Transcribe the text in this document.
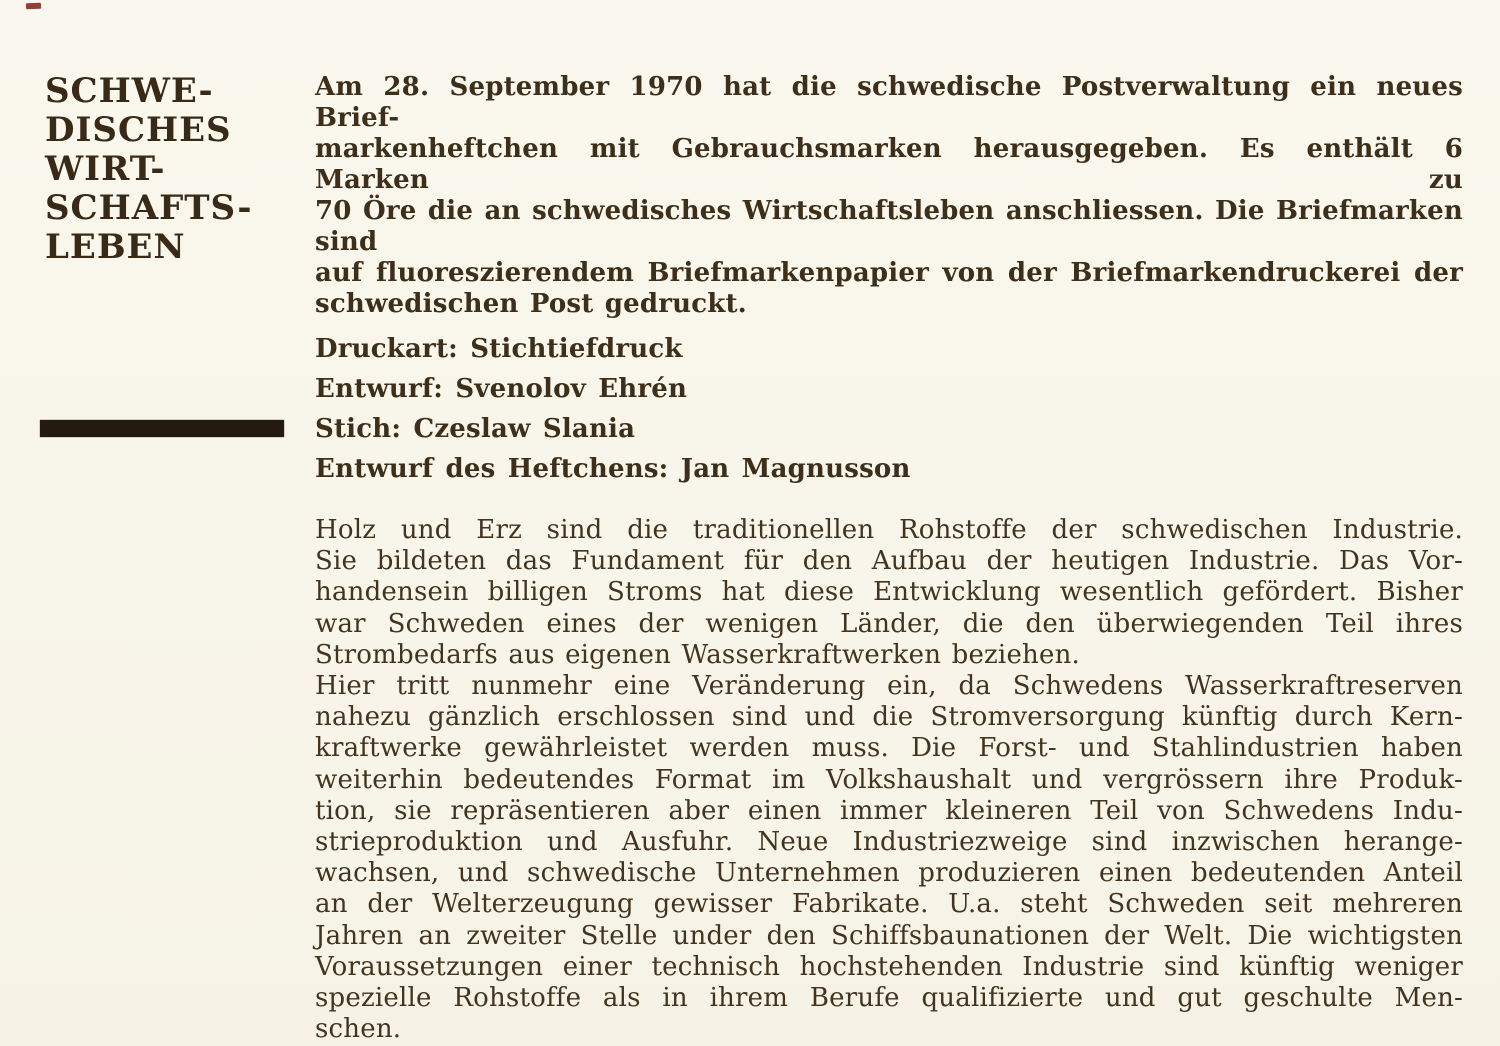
SCHWE-
DISCHES
WIRT-
SCHAFTS-
LEBEN
Am 28. September 1970 hat die schwedische Postverwaltung ein neues Brief-
markenheftchen mit Gebrauchsmarken herausgegeben. Es enthält 6 Marken zu
70 Öre die an schwedisches Wirtschaftsleben anschliessen. Die Briefmarken sind
auf fluoreszierendem Briefmarkenpapier von der Briefmarkendruckerei der
schwedischen Post gedruckt.
Druckart: Stichtiefdruck
Entwurf: Svenolov Ehrén
Stich: Czeslaw Slania
Entwurf des Heftchens: Jan Magnusson
Holz und Erz sind die traditionellen Rohstoffe der schwedischen Industrie.
Sie bildeten das Fundament für den Aufbau der heutigen Industrie. Das Vor-
handensein billigen Stroms hat diese Entwicklung wesentlich gefördert. Bisher
war Schweden eines der wenigen Länder, die den überwiegenden Teil ihres
Strombedarfs aus eigenen Wasserkraftwerken beziehen.
Hier tritt nunmehr eine Veränderung ein, da Schwedens Wasserkraftreserven
nahezu gänzlich erschlossen sind und die Stromversorgung künftig durch Kern-
kraftwerke gewährleistet werden muss. Die Forst- und Stahlindustrien haben
weiterhin bedeutendes Format im Volkshaushalt und vergrössern ihre Produk-
tion, sie repräsentieren aber einen immer kleineren Teil von Schwedens Indu-
strieproduktion und Ausfuhr. Neue Industriezweige sind inzwischen herange-
wachsen, und schwedische Unternehmen produzieren einen bedeutenden Anteil
an der Welterzeugung gewisser Fabrikate. U.a. steht Schweden seit mehreren
Jahren an zweiter Stelle under den Schiffsbaunationen der Welt. Die wichtigsten
Voraussetzungen einer technisch hochstehenden Industrie sind künftig weniger
spezielle Rohstoffe als in ihrem Berufe qualifizierte und gut geschulte Men-
schen.
